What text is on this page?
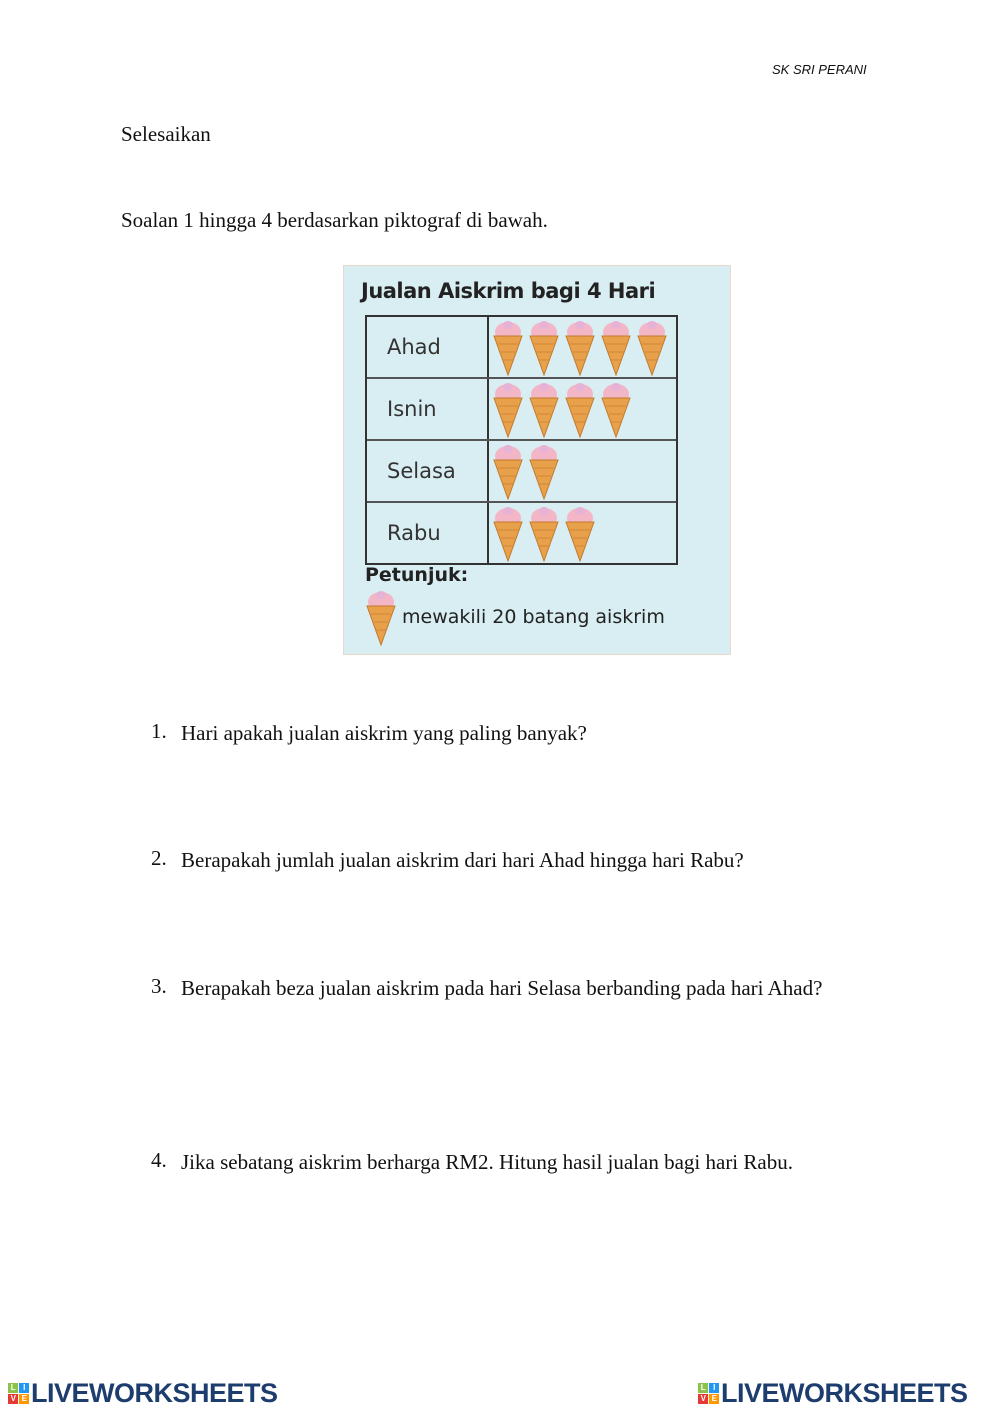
SK SRI PERANI
Selesaikan
Soalan 1 hingga 4 berdasarkan piktograf di bawah.
Jualan Aiskrim bagi 4 Hari
Ahad
Isnin
Selasa
Rabu
Petunjuk:
mewakili 20 batang aiskrim
1. Hari apakah jualan aiskrim yang paling banyak?
2. Berapakah jumlah jualan aiskrim dari hari Ahad hingga hari Rabu?
3. Berapakah beza jualan aiskrim pada hari Selasa berbanding pada hari Ahad?
4. Jika sebatang aiskrim berharga RM2. Hitung hasil jualan bagi hari Rabu.
L I
V E LIVEWORKSHEETS	L I
V E LIVEWORKSHEETS
